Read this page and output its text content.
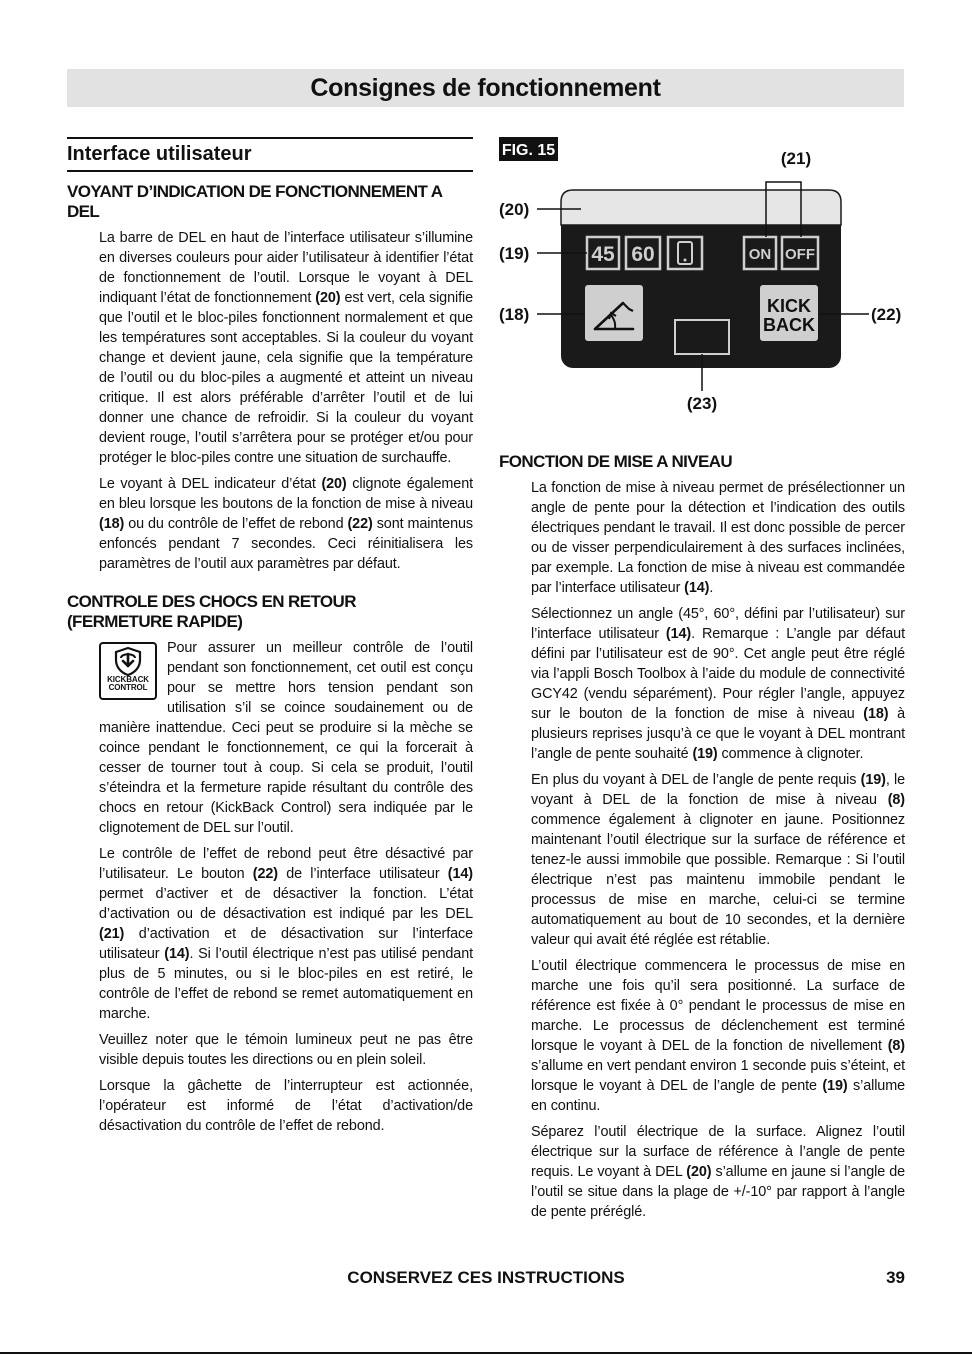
Consignes de fonctionnement
Interface utilisateur
VOYANT D’INDICATION DE FONCTIONNEMENT A DEL
La barre de DEL en haut de l’interface utilisateur s’illumine en diverses couleurs pour aider l’utilisateur à identifier l’état de fonctionnement de l’outil. Lorsque le voyant à DEL indiquant l’état de fonctionnement (20) est vert, cela signifie que l’outil et le bloc-piles fonctionnent normalement et que les températures sont acceptables. Si la couleur du voyant change et devient jaune, cela signifie que la température de l’outil ou du bloc-piles a augmenté et atteint un niveau critique. Il est alors préférable d’arrêter l’outil et de lui donner une chance de refroidir. Si la couleur du voyant devient rouge, l’outil s’arrêtera pour se protéger et/ou pour protéger le bloc-piles contre une situation de surchauffe.
Le voyant à DEL indicateur d’état (20) clignote également en bleu lorsque les boutons de la fonction de mise à niveau (18) ou du contrôle de l’effet de rebond (22) sont maintenus enfoncés pendant 7 secondes. Ceci réinitialisera les paramètres de l’outil aux paramètres par défaut.
CONTROLE DES CHOCS EN RETOUR
(FERMETURE RAPIDE)
KICKBACK
CONTROL
Pour assurer un meilleur contrôle de l’outil pendant son fonctionnement, cet outil est conçu pour se mettre hors tension pendant son utilisation s’il se coince soudainement ou de manière inattendue. Ceci peut se produire si la mèche se coince pendant le fonctionnement, ce qui la forcerait à cesser de tourner tout à coup. Si cela se produit, l’outil s’éteindra et la fermeture rapide résultant du contrôle des chocs en retour (KickBack Control) sera indiquée par le clignotement de DEL sur l’outil.
Le contrôle de l’effet de rebond peut être désactivé par l’utilisateur. Le bouton (22) de l’interface utilisateur (14) permet d’activer et de désactiver la fonction. L’état d’activation ou de désactivation est indiqué par les DEL (21) d’activation et de désactivation sur l’interface utilisateur (14). Si l’outil électrique n’est pas utilisé pendant plus de 5 minutes, ou si le bloc-piles en est retiré, le contrôle de l’effet de rebond se remet automatiquement en marche.
Veuillez noter que le témoin lumineux peut ne pas être visible depuis toutes les directions ou en plein soleil.
Lorsque la gâchette de l’interrupteur est actionnée, l’opérateur est informé de l’état d’activation/de désactivation du contrôle de l’effet de rebond.
FIG. 15
45 60	ON OFF
KICK
BACK
(21)
(20)
(19)
(18)	(22)
(23)
FONCTION DE MISE A NIVEAU
La fonction de mise à niveau permet de présélectionner un angle de pente pour la détection et l’indication des outils électriques pendant le travail. Il est donc possible de percer ou de visser perpendiculairement à des surfaces inclinées, par exemple. La fonction de mise à niveau est commandée par l’interface utilisateur (14).
Sélectionnez un angle (45°, 60°, défini par l’utilisateur) sur l’interface utilisateur (14). Remarque : L’angle par défaut défini par l’utilisateur est de 90°. Cet angle peut être réglé via l’appli Bosch Toolbox à l’aide du module de connectivité GCY42 (vendu séparément). Pour régler l’angle, appuyez sur le bouton de la fonction de mise à niveau (18) à plusieurs reprises jusqu’à ce que le voyant à DEL montrant l’angle de pente souhaité (19) commence à clignoter.
En plus du voyant à DEL de l’angle de pente requis (19), le voyant à DEL de la fonction de mise à niveau (8) commence également à clignoter en jaune. Positionnez maintenant l’outil électrique sur la surface de référence et tenez-le aussi immobile que possible. Remarque : Si l’outil électrique n’est pas maintenu immobile pendant le processus de mise en marche, celui-ci se termine automatiquement au bout de 10 secondes, et la dernière valeur qui avait été réglée est rétablie.
L’outil électrique commencera le processus de mise en marche une fois qu’il sera positionné. La surface de référence est fixée à 0° pendant le processus de mise en marche. Le processus de déclenchement est terminé lorsque le voyant à DEL de la fonction de nivellement (8) s’allume en vert pendant environ 1 seconde puis s’éteint, et lorsque le voyant à DEL de l’angle de pente (19) s’allume en continu.
Séparez l’outil électrique de la surface. Alignez l’outil électrique sur la surface de référence à l’angle de pente requis. Le voyant à DEL (20) s’allume en jaune si l’angle de l’outil se situe dans la plage de +/-10° par rapport à l’angle de pente préréglé.
CONSERVEZ CES INSTRUCTIONS	39
